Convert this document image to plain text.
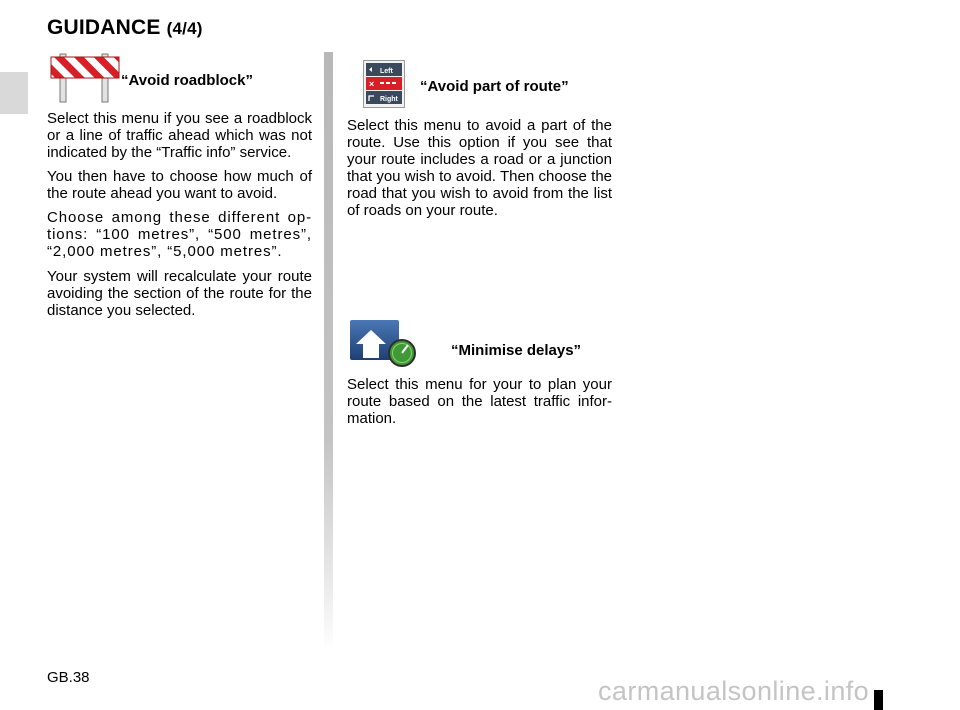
GUIDANCE (4/4)
“Avoid roadblock”

Select this menu if you see a roadblock or a line of traffic ahead which was not indicated by the “Traffic info” service.

You then have to choose how much of the route ahead you want to avoid.

Choose among these different op-tions: “100 metres”, “500 metres”, “2,000 metres”, “5,000 metres”.

Your system will recalculate your route avoiding the section of the route for the distance you selected.

Left
×
Right
“Avoid part of route”

Select this menu to avoid a part of the route. Use this option if you see that your route includes a road or a junction that you wish to avoid. Then choose the road that you wish to avoid from the list of roads on your route.

“Minimise delays”

Select this menu for your to plan your route based on the latest traffic infor-mation.

GB.38	carmanualsonline.info
